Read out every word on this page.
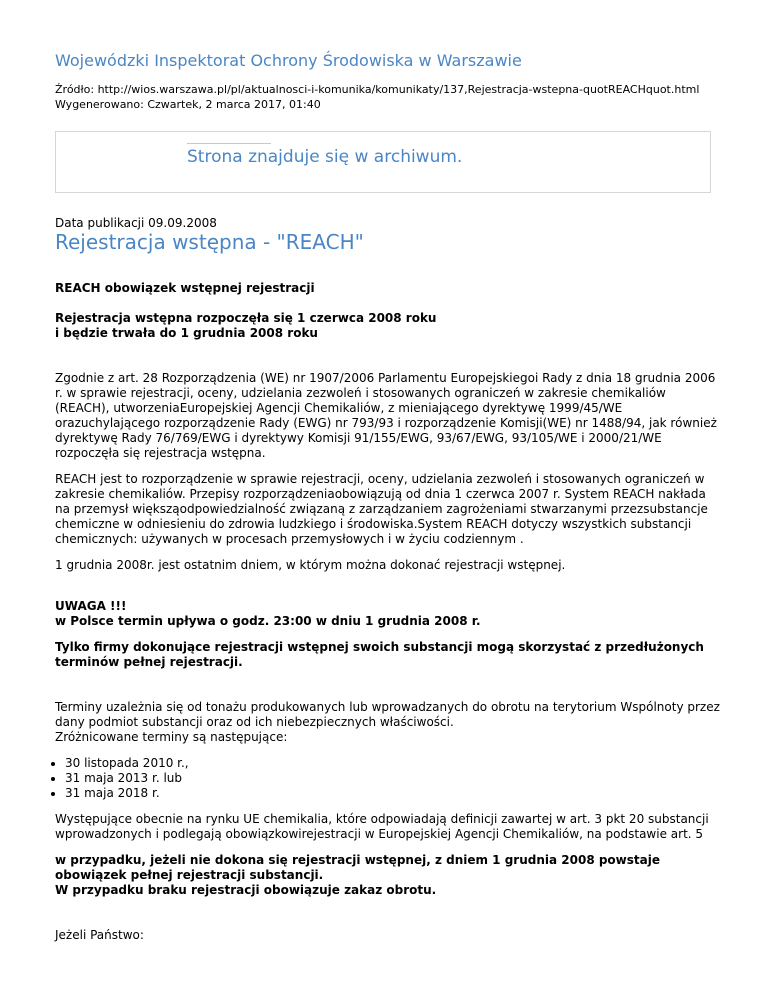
Wojewódzki Inspektorat Ochrony Środowiska w Warszawie
Źródło: http://wios.warszawa.pl/pl/aktualnosci-i-komunika/komunikaty/137,Rejestracja-wstepna-quotREACHquot.html
Wygenerowano: Czwartek, 2 marca 2017, 01:40
Strona znajduje się w archiwum.
Data publikacji 09.09.2008
Rejestracja wstępna - "REACH"

REACH obowiązek wstępnej rejestracji

Rejestracja wstępna rozpoczęła się 1 czerwca 2008 roku
i będzie trwała do 1 grudnia 2008 roku

Zgodnie z art. 28 Rozporządzenia (WE) nr 1907/2006 Parlamentu Europejskiegoi Rady z dnia 18 grudnia 2006 r. w sprawie rejestracji, oceny, udzielania zezwoleń i stosowanych ograniczeń w zakresie chemikaliów (REACH), utworzeniaEuropejskiej Agencji Chemikaliów, z mieniającego dyrektywę 1999/45/WE orazuchylającego rozporządzenie Rady (EWG) nr 793/93 i rozporządzenie Komisji(WE) nr 1488/94, jak również dyrektywę Rady 76/769/EWG i dyrektywy Komisji 91/155/EWG, 93/67/EWG, 93/105/WE i 2000/21/WE rozpoczęła się rejestracja wstępna.

REACH jest to rozporządzenie w sprawie rejestracji, oceny, udzielania zezwoleń i stosowanych ograniczeń w zakresie chemikaliów. Przepisy rozporządzeniaobowiązują od dnia 1 czerwca 2007 r. System REACH nakłada na przemysł większąodpowiedzialność związaną z zarządzaniem zagrożeniami stwarzanymi przezsubstancje chemiczne w odniesieniu do zdrowia ludzkiego i środowiska.System REACH dotyczy wszystkich substancji chemicznych: używanych w procesach przemysłowych i w życiu codziennym .

1 grudnia 2008r. jest ostatnim dniem, w którym można dokonać rejestracji wstępnej.

UWAGA !!!
w Polsce termin upływa o godz. 23:00 w dniu 1 grudnia 2008 r.

Tylko firmy dokonujące rejestracji wstępnej swoich substancji mogą skorzystać z przedłużonych terminów pełnej rejestracji.

Terminy uzależnia się od tonażu produkowanych lub wprowadzanych do obrotu na terytorium Wspólnoty przez dany podmiot substancji oraz od ich niebezpiecznych właściwości.
Zróżnicowane terminy są następujące:

• 30 listopada 2010 r.,
• 31 maja 2013 r. lub
• 31 maja 2018 r.

Występujące obecnie na rynku UE chemikalia, które odpowiadają definicji zawartej w art. 3 pkt 20 substancji wprowadzonych i podlegają obowiązkowirejestracji w Europejskiej Agencji Chemikaliów, na podstawie art. 5

w przypadku, jeżeli nie dokona się rejestracji wstępnej, z dniem 1 grudnia 2008 powstaje obowiązek pełnej rejestracji substancji.
W przypadku braku rejestracji obowiązuje zakaz obrotu.

Jeżeli Państwo:
